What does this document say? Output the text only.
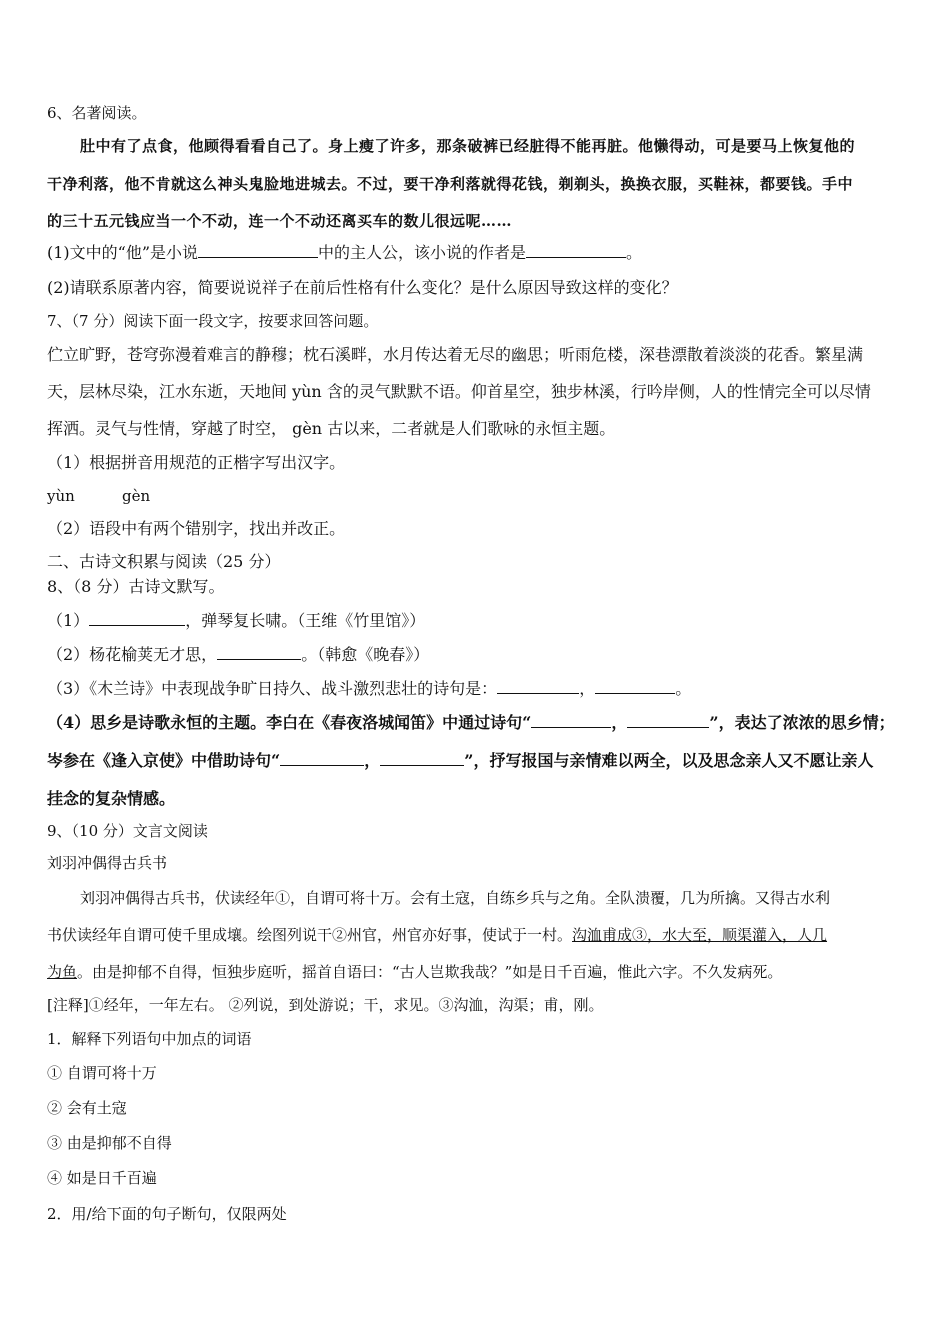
6、名著阅读。
肚中有了点食，他顾得看看自己了。身上瘦了许多，那条破裤已经脏得不能再脏。他懒得动，可是要马上恢复他的
干净利落，他不肯就这么神头鬼脸地进城去。不过，要干净利落就得花钱，剃剃头，换换衣服，买鞋袜，都要钱。手中
的三十五元钱应当一个不动，连一个不动还离买车的数儿很远呢……
(1)文中的“他”是小说	中的主人公，该小说的作者是	。
(2)请联系原著内容，简要说说祥子在前后性格有什么变化？是什么原因导致这样的变化？
7、（7 分）阅读下面一段文字，按要求回答问题。
伫立旷野，苍穹弥漫着难言的静穆；枕石溪畔，水月传达着无尽的幽思；听雨危楼，深巷漂散着淡淡的花香。繁星满
天，层林尽染，江水东逝，天地间 yùn 含的灵气默默不语。仰首星空，独步林溪，行吟岸侧，人的性情完全可以尽情
挥洒。灵气与性情，穿越了时空， gèn 古以来，二者就是人们歌咏的永恒主题。
（1）根据拼音用规范的正楷字写出汉字。
yùn	gèn
（2）语段中有两个错别字，找出并改正。
二、古诗文积累与阅读（25 分）
8、（8 分）古诗文默写。
（1）	，弹琴复长啸。（王维《竹里馆》）
（2）杨花榆荚无才思，	。（韩愈《晚春》）
（3）《木兰诗》中表现战争旷日持久、战斗激烈悲壮的诗句是：	，	。
（4）思乡是诗歌永恒的主题。李白在《春夜洛城闻笛》中通过诗句“	，	”，表达了浓浓的思乡情；
岑参在《逢入京使》中借助诗句“	，	”，抒写报国与亲情难以两全，以及思念亲人又不愿让亲人
挂念的复杂情感。
9、（10 分）文言文阅读
刘羽冲偶得古兵书
刘羽冲偶得古兵书，伏读经年①，自谓可将十万。会有土寇，自练乡兵与之角。全队溃覆，几为所擒。又得古水利
书伏读经年自谓可使千里成壤。绘图列说干②州官，州官亦好事，使试于一村。沟洫甫成③，水大至，顺渠灌入，人几
为鱼。由是抑郁不自得，恒独步庭听，摇首自语曰：“古人岂欺我哉？”如是日千百遍，惟此六字。不久发病死。
[注释]①经年，一年左右。 ②列说，到处游说；干，求见。③沟洫，沟渠；甫，刚。
1．解释下列语句中加点的词语
① 自谓可将十万
② 会有土寇
③ 由是抑郁不自得
④ 如是日千百遍
2．用/给下面的句子断句，仅限两处
